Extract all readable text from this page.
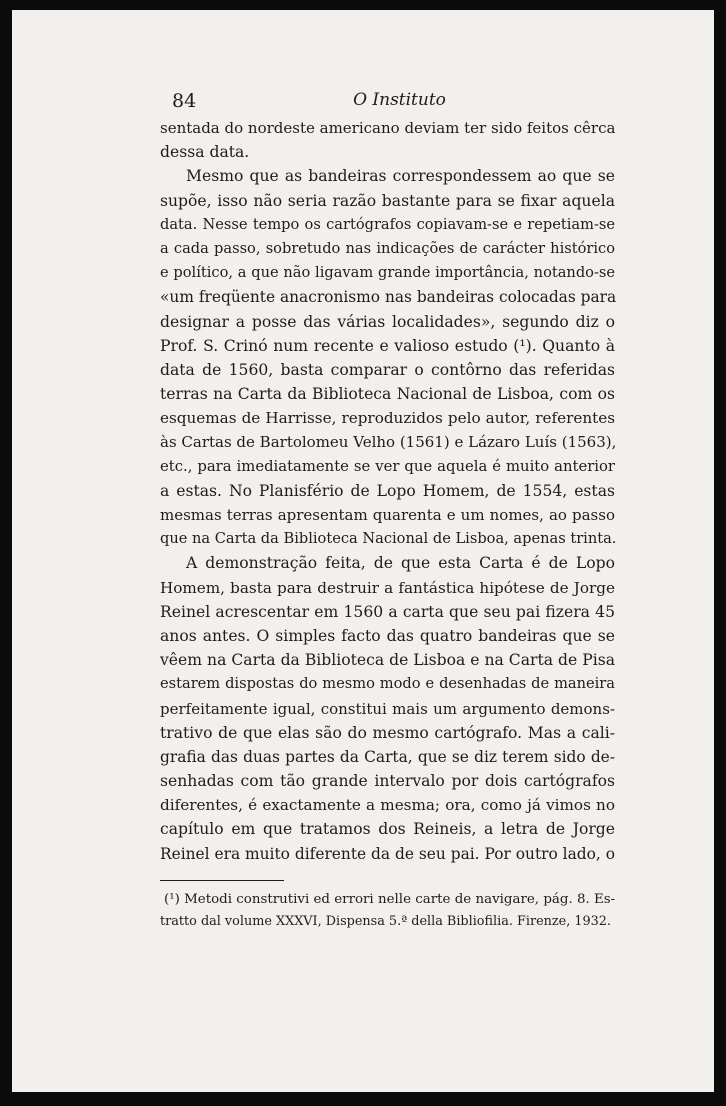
84	O Instituto
sentada do nordeste americano deviam ter sido feitos cêrca
dessa data.
Mesmo que as bandeiras correspondessem ao que se
supõe, isso não seria razão bastante para se fixar aquela
data. Nesse tempo os cartógrafos copiavam-se e repetiam-se
a cada passo, sobretudo nas indicações de carácter histórico
e político, a que não ligavam grande importância, notando-se
«um freqüente anacronismo nas bandeiras colocadas para
designar a posse das várias localidades», segundo diz o
Prof. S. Crinó num recente e valioso estudo (¹). Quanto à
data de 1560, basta comparar o contôrno das referidas
terras na Carta da Biblioteca Nacional de Lisboa, com os
esquemas de Harrisse, reproduzidos pelo autor, referentes
às Cartas de Bartolomeu Velho (1561) e Lázaro Luís (1563),
etc., para imediatamente se ver que aquela é muito anterior
a estas. No Planisfério de Lopo Homem, de 1554, estas
mesmas terras apresentam quarenta e um nomes, ao passo
que na Carta da Biblioteca Nacional de Lisboa, apenas trinta.
A demonstração feita, de que esta Carta é de Lopo
Homem, basta para destruir a fantástica hipótese de Jorge
Reinel acrescentar em 1560 a carta que seu pai fizera 45
anos antes. O simples facto das quatro bandeiras que se
vêem na Carta da Biblioteca de Lisboa e na Carta de Pisa
estarem dispostas do mesmo modo e desenhadas de maneira
perfeitamente igual, constitui mais um argumento demons-
trativo de que elas são do mesmo cartógrafo. Mas a cali-
grafia das duas partes da Carta, que se diz terem sido de-
senhadas com tão grande intervalo por dois cartógrafos
diferentes, é exactamente a mesma; ora, como já vimos no
capítulo em que tratamos dos Reineis, a letra de Jorge
Reinel era muito diferente da de seu pai. Por outro lado, o
(¹) Metodi construtivi ed errori nelle carte de navigare, pág. 8. Es-
tratto dal volume XXXVI, Dispensa 5.ª della Bibliofilia. Firenze, 1932.
